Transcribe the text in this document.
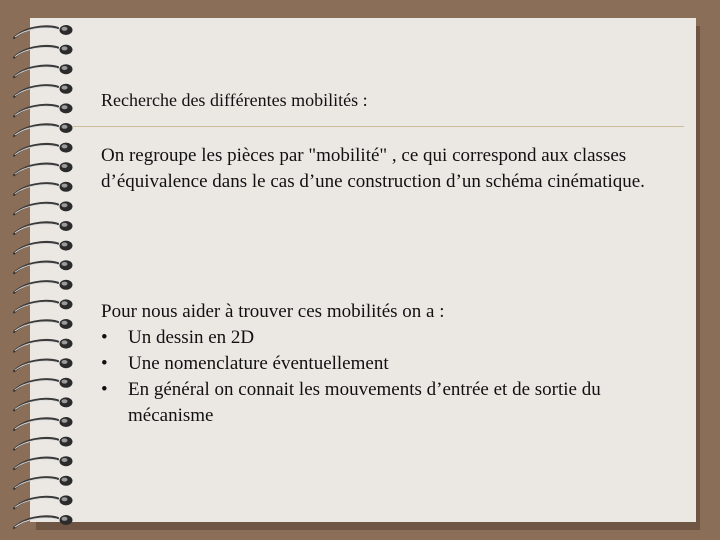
Recherche des différentes mobilités :
On regroupe les pièces par "mobilité" , ce qui correspond aux classes d’équivalence dans le cas d’une construction d’un schéma cinématique.
Pour nous aider à trouver ces mobilités on a :
• Un dessin en 2D
• Une nomenclature éventuellement
• En général on connait les mouvements d’entrée et de sortie du mécanisme
